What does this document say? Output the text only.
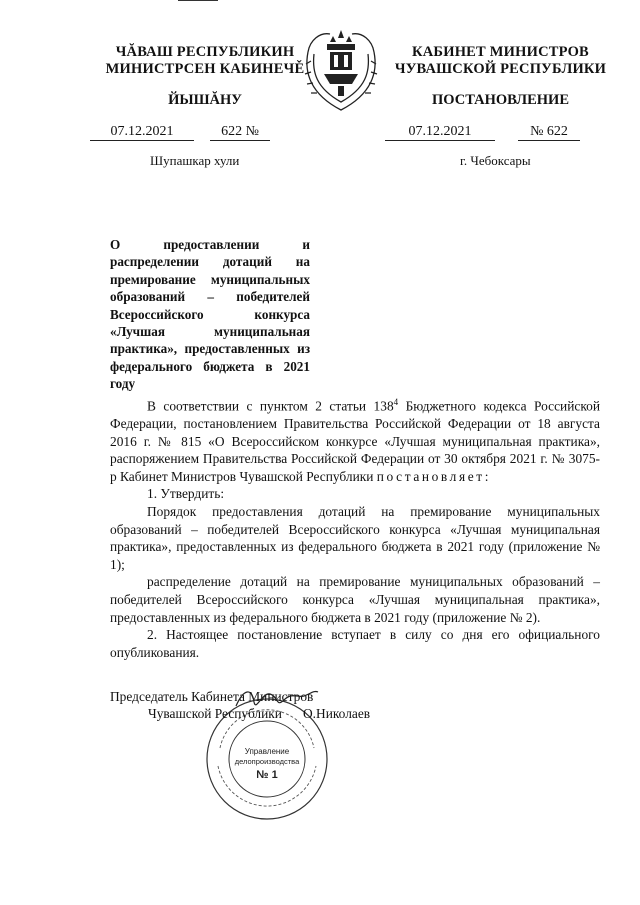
ЧĂВАШ РЕСПУБЛИКИН
МИНИСТРСЕН КАБИНЕЧĚ
ЙЫШĂНУ
КАБИНЕТ МИНИСТРОВ
ЧУВАШСКОЙ РЕСПУБЛИКИ
ПОСТАНОВЛЕНИЕ
07.12.2021	622 №	07.12.2021	№ 622
Шупашкар хули	г. Чебоксары
О предоставлении и распределении дотаций на премирование муниципальных образований – победителей Всероссийского конкурса «Лучшая муниципальная практика», предоставленных из федерального бюджета в 2021 году

В соответствии с пунктом 2 статьи $138^4$ Бюджетного кодекса Российской Федерации, постановлением Правительства Российской Федерации от 18 августа 2016 г. № 815 «О Всероссийском конкурсе «Лучшая муниципальная практика», распоряжением Правительства Российской Федерации от 30 октября 2021 г. № 3075-р Кабинет Министров Чувашской Республики постановляет:

1. Утвердить:

Порядок предоставления дотаций на премирование муниципальных образований – победителей Всероссийского конкурса «Лучшая муниципальная практика», предоставленных из федерального бюджета в 2021 году (приложение № 1);

распределение дотаций на премирование муниципальных образований – победителей Всероссийского конкурса «Лучшая муниципальная практика», предоставленных из федерального бюджета в 2021 году (приложение № 2).

2. Настоящее постановление вступает в силу со дня его официального опубликования.

Управление
делопроизводства
№ 1
Председатель Кабинета Министров
Чувашской Республики О.Николаев
